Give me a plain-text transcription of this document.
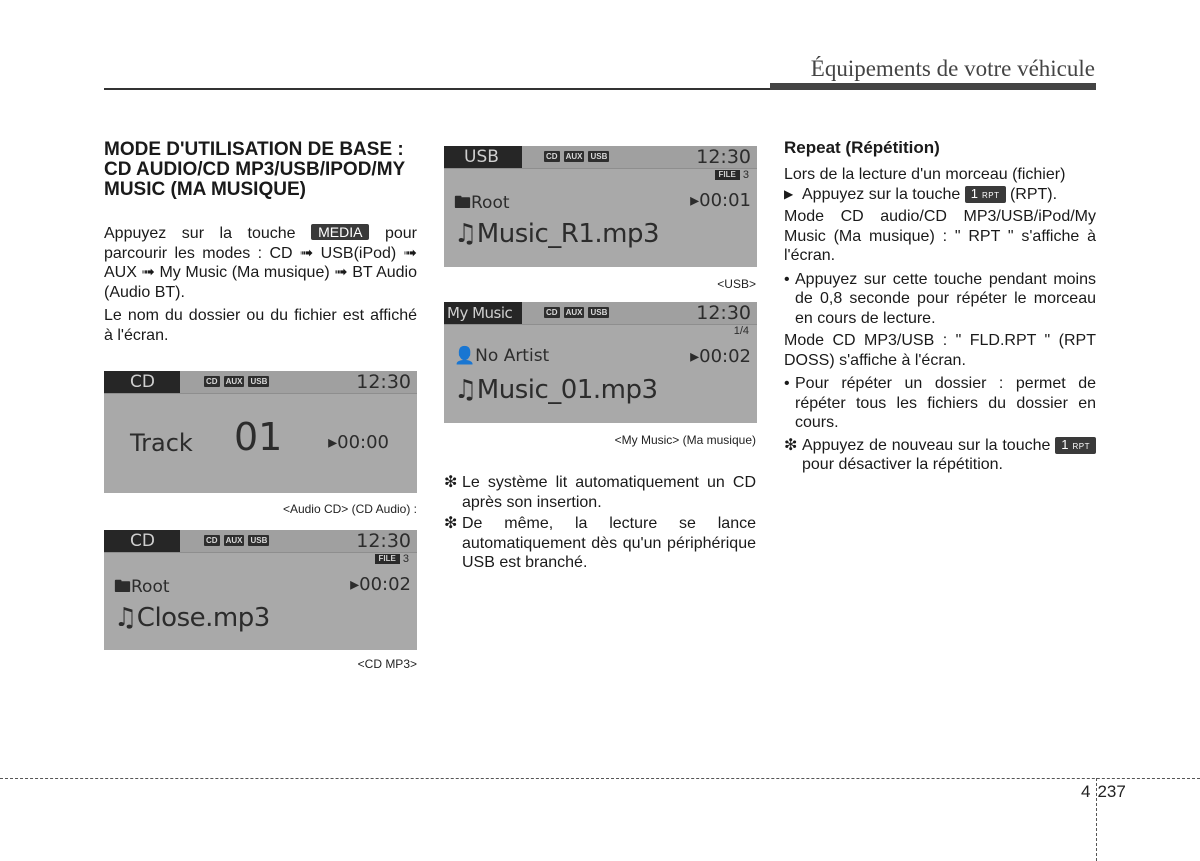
Équipements de votre véhicule
MODE D'UTILISATION DE BASE : CD AUDIO/CD MP3/USB/IPOD/MY MUSIC (MA MUSIQUE)

Appuyez sur la touche MEDIA pour parcourir les modes : CD ➟ USB(iPod) ➟ AUX ➟ My Music (Ma musique) ➟ BT Audio (Audio BT).

Le nom du dossier ou du fichier est affiché à l'écran.

CD	CD AUX USB	12:30
Track 01	▸00:00
<Audio CD> (CD Audio) :
CD	CD AUX USB	12:30
FILE 3
🖿Root	▸00:02
♫Close.mp3
<CD MP3>
USB	CD AUX USB	12:30
FILE 3
🖿Root	▸00:01
♫Music_R1.mp3
<USB>
My Music	CD AUX USB	12:30
1/4
👤No Artist	▸00:02
♫Music_01.mp3
<My Music> (Ma musique)
❇ Le système lit automatiquement un CD après son insertion.
❇ De même, la lecture se lance automatiquement dès qu'un périphérique USB est branché.
Repeat (Répétition)

Lors de la lecture d'un morceau (fichier)

▶ Appuyez sur la touche 1 RPT (RPT).

Mode CD audio/CD MP3/USB/iPod/My Music (Ma musique) : " RPT " s'affiche à l'écran.

• Appuyez sur cette touche pendant moins de 0,8 seconde pour répéter le morceau en cours de lecture.

Mode CD MP3/USB : " FLD.RPT " (RPT DOSS) s'affiche à l'écran.

• Pour répéter un dossier : permet de répéter tous les fichiers du dossier en cours.
❇ Appuyez de nouveau sur la touche 1 RPT pour désactiver la répétition.
4 237
